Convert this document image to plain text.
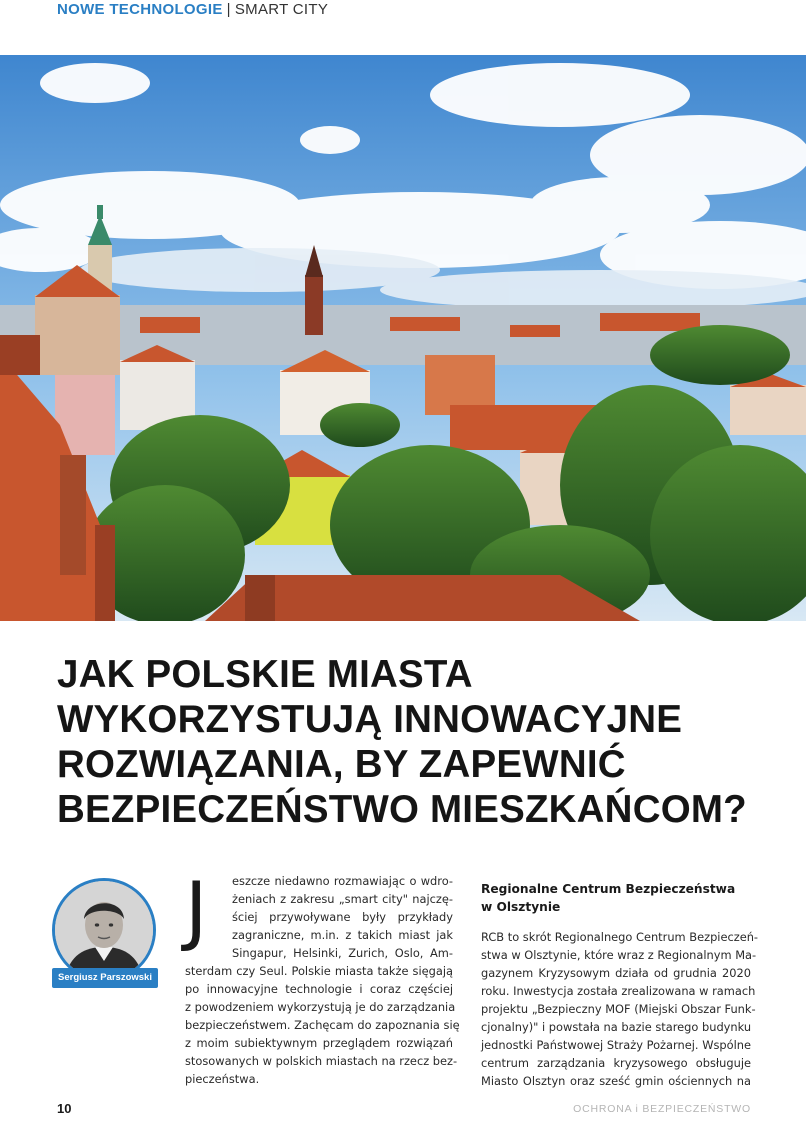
NOWE TECHNOLOGIE | SMART CITY
JAK POLSKIE MIASTA
WYKORZYSTUJĄ INNOWACYJNE
ROZWIĄZANIA, BY ZAPEWNIĆ
BEZPIECZEŃSTWO MIESZKAŃCOM?
Sergiusz Parszowski
J	eszcze niedawno rozmawiając o wdro-
żeniach z zakresu „smart city" najczę-
ściej przywoływane były przykłady
zagraniczne, m.in. z takich miast jak
Singapur, Helsinki, Zurich, Oslo, Am-
sterdam czy Seul. Polskie miasta także sięgają
po innowacyjne technologie i coraz częściej
z powodzeniem wykorzystują je do zarządzania
bezpieczeństwem. Zachęcam do zapoznania się
z moim subiektywnym przeglądem rozwiązań
stosowanych w polskich miastach na rzecz bez-
pieczeństwa.
Regionalne Centrum Bezpieczeństwa
w Olsztynie
RCB to skrót Regionalnego Centrum Bezpieczeń-
stwa w Olsztynie, które wraz z Regionalnym Ma-
gazynem Kryzysowym działa od grudnia 2020
roku. Inwestycja została zrealizowana w ramach
projektu „Bezpieczny MOF (Miejski Obszar Funk-
cjonalny)" i powstała na bazie starego budynku
jednostki Państwowej Straży Pożarnej. Wspólne
centrum zarządzania kryzysowego obsługuje
Miasto Olsztyn oraz sześć gmin ościennych na
10	OCHRONA i BEZPIECZEŃSTWO
